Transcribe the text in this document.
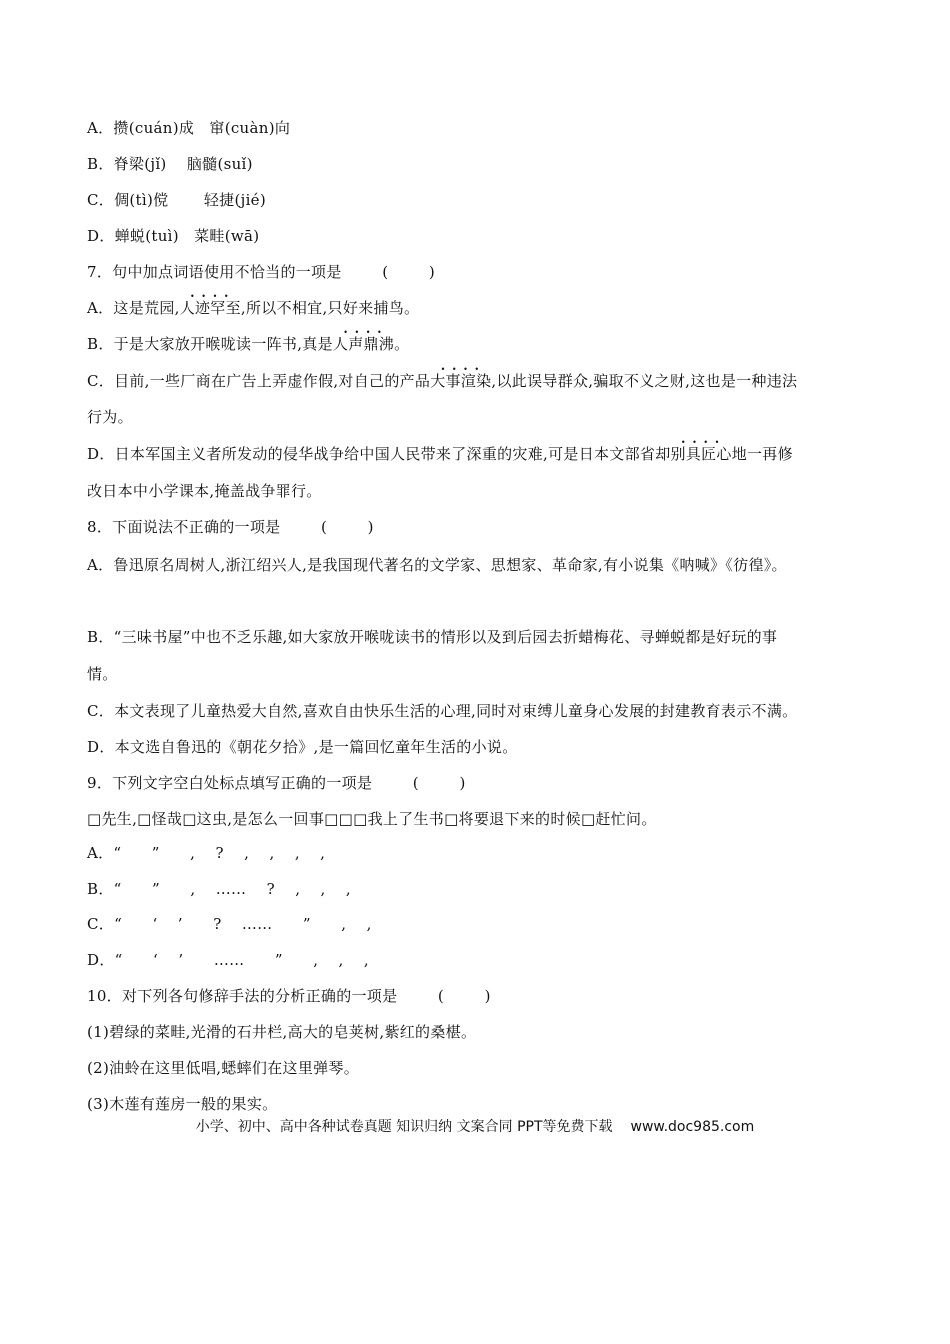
A．攒(cuán)成   窜(cuàn)向
B．脊梁(jǐ)    脑髓(suǐ)
C．倜(tì)傥       轻捷(jié)
D．蝉蜕(tuì)   菜畦(wā)
7．句中加点词语使用不恰当的一项是        (        )
A．这是荒园,• • • • 人迹罕至,所以不相宜,只好来捕鸟。
B．于是大家放开喉咙读一阵书,真是• • • • 人声鼎沸。
C．目前,一些厂商在广告上弄虚作假,对自己的产品• • • • 大事渲染,以此误导群众,骗取不义之财,这也是一种违法
行为。
D．日本军国主义者所发动的侵华战争给中国人民带来了深重的灾难,可是日本文部省却• • • • 别具匠心地一再修
改日本中小学课本,掩盖战争罪行。
8．下面说法不正确的一项是        (        )
A．鲁迅原名周树人,浙江绍兴人,是我国现代著名的文学家、思想家、革命家,有小说集《呐喊》《彷徨》。
B．“三味书屋”中也不乏乐趣,如大家放开喉咙读书的情形以及到后园去折蜡梅花、寻蝉蜕都是好玩的事
情。
C．本文表现了儿童热爱大自然,喜欢自由快乐生活的心理,同时对束缚儿童身心发展的封建教育表示不满。
D．本文选自鲁迅的《朝花夕拾》,是一篇回忆童年生活的小说。
9．下列文字空白处标点填写正确的一项是        (        )
□先生,□怪哉□这虫,是怎么一回事□□□我上了生书□将要退下来的时候□赶忙问。
A．“      ”      ,    ?    ,    ,    ,    ,
B．“      ”      ,    ……    ?    ,    ,    ,
C．“      ‘    ’      ?    ……      ”      ,    ,
D．“      ‘    ’      ……      ”      ,    ,    ,
10．对下列各句修辞手法的分析正确的一项是        (        )
(1)碧绿的菜畦,光滑的石井栏,高大的皂荚树,紫红的桑椹。
(2)油蛉在这里低唱,蟋蟀们在这里弹琴。
(3)木莲有莲房一般的果实。
小学、初中、高中各种试卷真题 知识归纳 文案合同 PPT等免费下载 www.doc985.com
